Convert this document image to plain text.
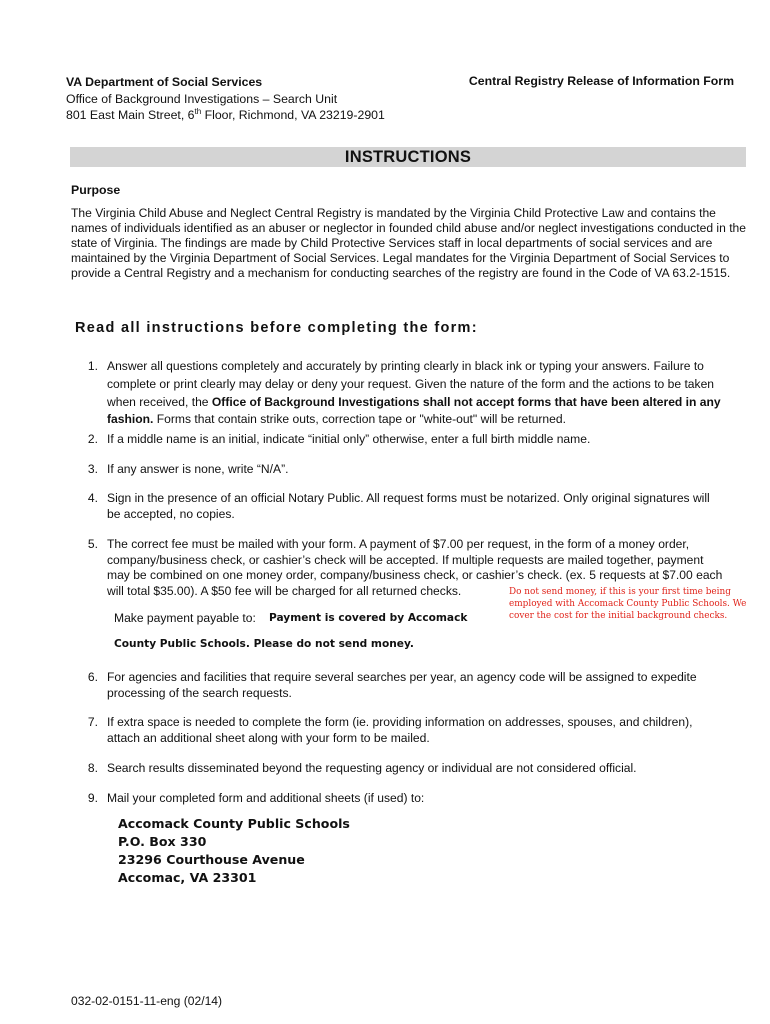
VA Department of Social Services
Office of Background Investigations – Search Unit
801 East Main Street, 6th Floor, Richmond, VA 23219-2901
Central Registry Release of Information Form
INSTRUCTIONS
Purpose
The Virginia Child Abuse and Neglect Central Registry is mandated by the Virginia Child Protective Law and contains the names of individuals identified as an abuser or neglector in founded child abuse and/or neglect investigations conducted in the state of Virginia. The findings are made by Child Protective Services staff in local departments of social services and are maintained by the Virginia Department of Social Services. Legal mandates for the Virginia Department of Social Services to provide a Central Registry and a mechanism for conducting searches of the registry are found in the Code of VA 63.2-1515.
Read all instructions before completing the form:
1. Answer all questions completely and accurately by printing clearly in black ink or typing your answers. Failure to complete or print clearly may delay or deny your request. Given the nature of the form and the actions to be taken when received, the Office of Background Investigations shall not accept forms that have been altered in any fashion. Forms that contain strike outs, correction tape or "white-out" will be returned.
2. If a middle name is an initial, indicate “initial only” otherwise, enter a full birth middle name.
3. If any answer is none, write “N/A”.
4. Sign in the presence of an official Notary Public. All request forms must be notarized. Only original signatures will be accepted, no copies.
5. The correct fee must be mailed with your form. A payment of $7.00 per request, in the form of a money order, company/business check, or cashier’s check will be accepted. If multiple requests are mailed together, payment may be combined on one money order, company/business check, or cashier’s check. (ex. 5 requests at $7.00 each will total $35.00). A $50 fee will be charged for all returned checks.
Make payment payable to: Payment is covered by Accomack
County Public Schools. Please do not send money.
Do not send money, if this is your first time being employed with Accomack County Public Schools. We cover the cost for the initial background checks.
6. For agencies and facilities that require several searches per year, an agency code will be assigned to expedite processing of the search requests.
7. If extra space is needed to complete the form (ie. providing information on addresses, spouses, and children), attach an additional sheet along with your form to be mailed.
8. Search results disseminated beyond the requesting agency or individual are not considered official.
9. Mail your completed form and additional sheets (if used) to:
Accomack County Public Schools
P.O. Box 330
23296 Courthouse Avenue
Accomac, VA 23301
032-02-0151-11-eng (02/14)
